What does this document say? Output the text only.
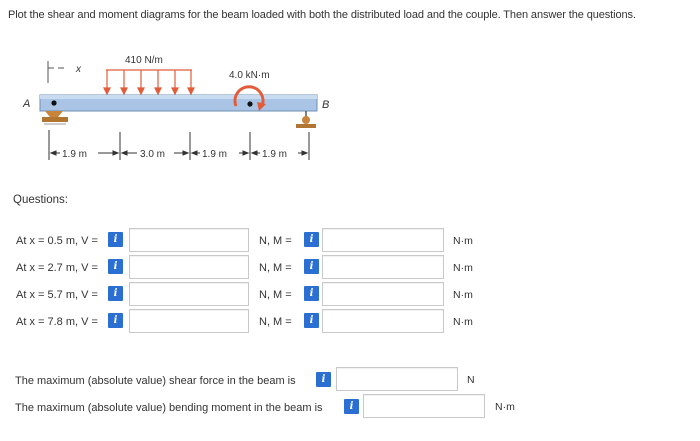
Plot the shear and moment diagrams for the beam loaded with both the distributed load and the couple. Then answer the questions.
x
410 N/m
4.0 kN·m
A	B
1.9 m	3.0 m	1.9 m	1.9 m
Questions:
At x = 0.5 m, V =	i	N, M =	i	N·m
At x = 2.7 m, V =	i	N, M =	i	N·m
At x = 5.7 m, V =	i	N, M =	i	N·m
At x = 7.8 m, V =	i	N, M =	i	N·m
The maximum (absolute value) shear force in the beam is	i	N
The maximum (absolute value) bending moment in the beam is	i	N·m
